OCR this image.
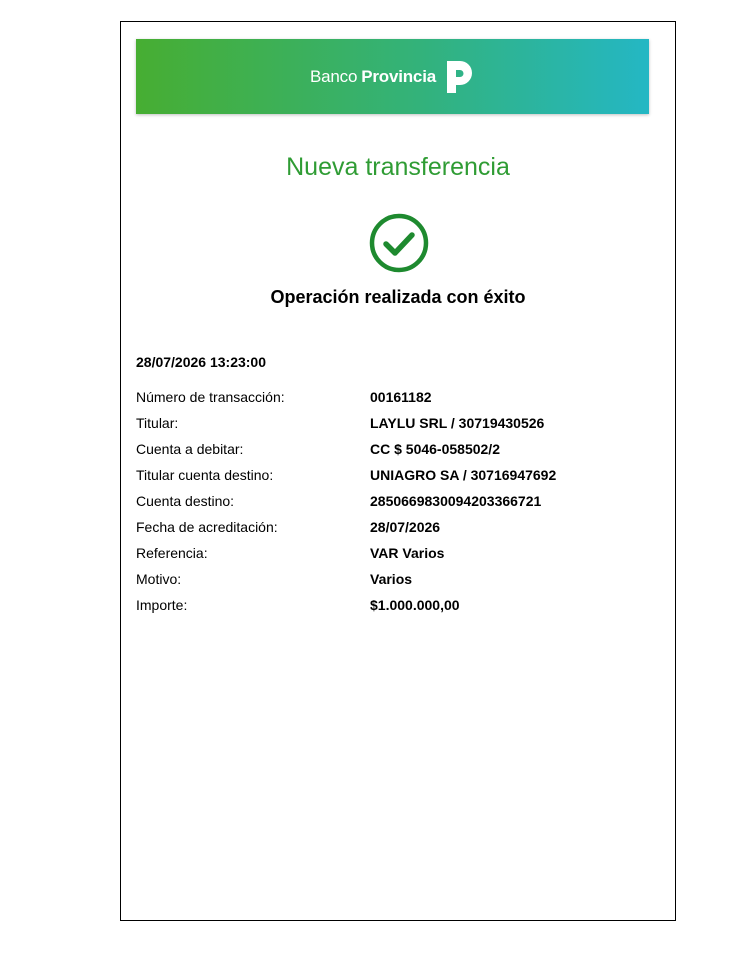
Banco Provincia
Nueva transferencia
Operación realizada con éxito
28/07/2026 13:23:00
Número de transacción:	00161182
Titular:	LAYLU SRL / 30719430526
Cuenta a debitar:	CC $ 5046-058502/2
Titular cuenta destino:	UNIAGRO SA / 30716947692
Cuenta destino:	2850669830094203366721
Fecha de acreditación:	28/07/2026
Referencia:	VAR Varios
Motivo:	Varios
Importe:	$1.000.000,00
